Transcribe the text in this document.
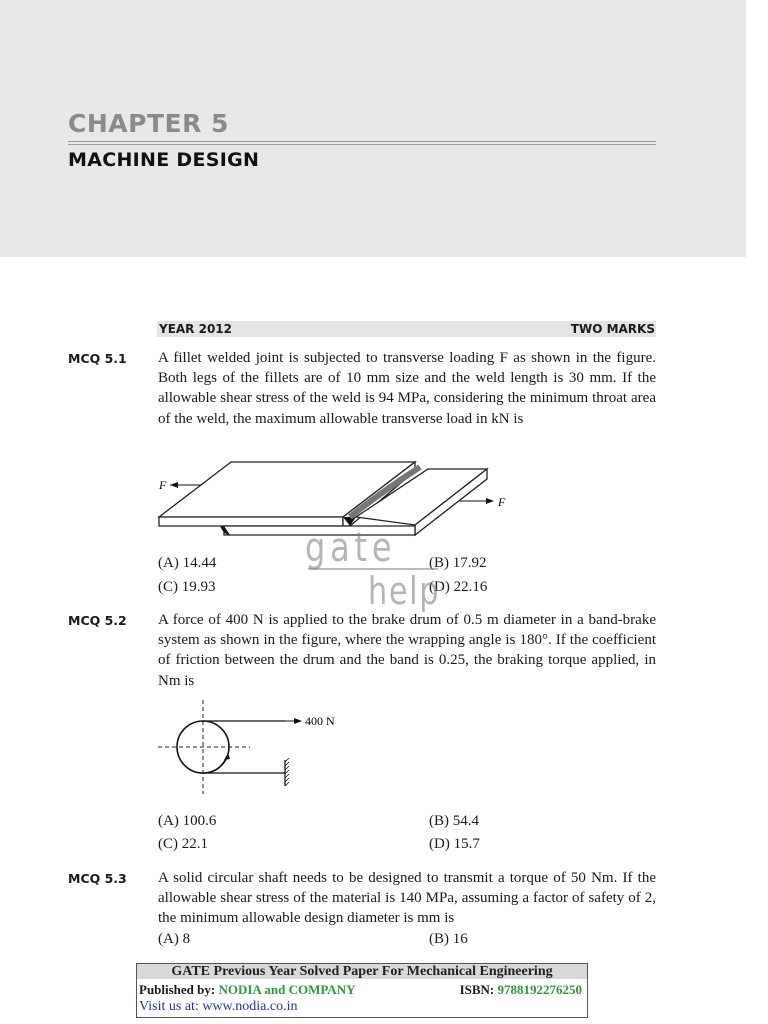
CHAPTER 5
MACHINE DESIGN
YEAR 2012	TWO MARKS
MCQ 5.1 A fillet welded joint is subjected to transverse loading F as shown in the figure. Both legs of the fillets are of 10 mm size and the weld length is 30 mm. If the allowable shear stress of the weld is 94 MPa, considering the minimum throat area of the weld, the maximum allowable transverse load in kN is
F
F
(A) 14.44	(B) 17.92
(C) 19.93	(D) 22.16
gate
help
MCQ 5.2 A force of 400 N is applied to the brake drum of 0.5 m diameter in a band-brake system as shown in the figure, where the wrapping angle is 180°. If the coefficient of friction between the drum and the band is 0.25, the braking torque applied, in Nm is
400 N
(A) 100.6	(B) 54.4
(C) 22.1	(D) 15.7
MCQ 5.3 A solid circular shaft needs to be designed to transmit a torque of 50 Nm. If the allowable shear stress of the material is 140 MPa, assuming a factor of safety of 2, the minimum allowable design diameter is mm is
(A) 8	(B) 16
GATE Previous Year Solved Paper For Mechanical Engineering
Published by: NODIA and COMPANY	ISBN: 9788192276250
Visit us at: www.nodia.co.in
